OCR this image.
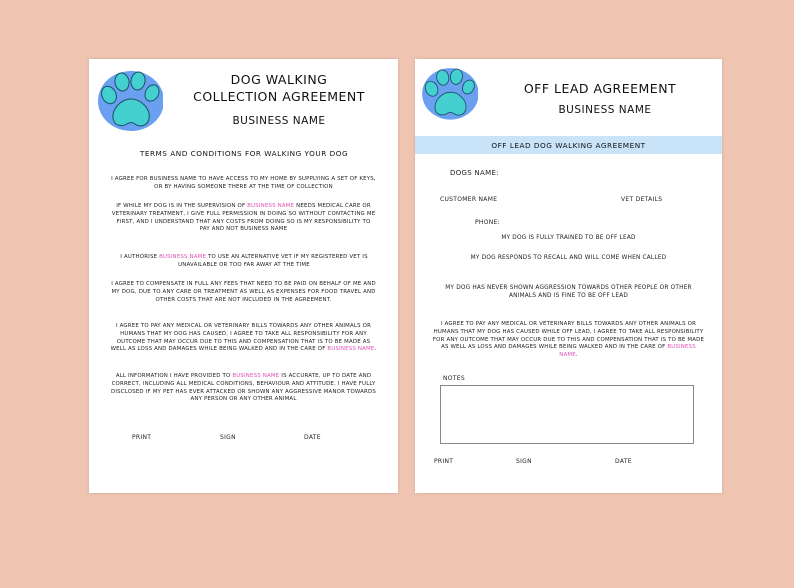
DOG WALKING
COLLECTION AGREEMENT
BUSINESS NAME
TERMS AND CONDITIONS FOR WALKING YOUR DOG
I AGREE FOR BUSINESS NAME TO HAVE ACCESS TO MY HOME BY SUPPLYING A SET OF KEYS, OR BY HAVING SOMEONE THERE AT THE TIME OF COLLECTION
IF WHILE MY DOG IS IN THE SUPERVISION OF BUSINESS NAME NEEDS MEDICAL CARE OR VETERINARY TREATMENT, I GIVE FULL PERMISSION IN DOING SO WITHOUT CONTACTING ME FIRST, AND I UNDERSTAND THAT ANY COSTS FROM DOING SO IS MY RESPONSIBILITY TO PAY AND NOT BUSINESS NAME
I AUTHORISE BUSINESS NAME TO USE AN ALTERNATIVE VET IF MY REGISTERED VET IS UNAVAILABLE OR TOO FAR AWAY AT THE TIME
I AGREE TO COMPENSATE IN FULL ANY FEES THAT NEED TO BE PAID ON BEHALF OF ME AND MY DOG, DUE TO ANY CARE OR TREATMENT AS WELL AS EXPENSES FOR FOOD TRAVEL AND OTHER COSTS THAT ARE NOT INCLUDED IN THE AGREEMENT.
I AGREE TO PAY ANY MEDICAL OR VETERINARY BILLS TOWARDS ANY OTHER ANIMALS OR HUMANS THAT MY DOG HAS CAUSED, I AGREE TO TAKE ALL RESPONSIBILITY FOR ANY OUTCOME THAT MAY OCCUR DUE TO THIS AND COMPENSATION THAT IS TO BE MADE AS WELL AS LOSS AND DAMAGES WHILE BEING WALKED AND IN THE CARE OF BUSINESS NAME.
ALL INFORMATION I HAVE PROVIDED TO BUSINESS NAME IS ACCURATE, UP TO DATE AND CORRECT, INCLUDING ALL MEDICAL CONDITIONS, BEHAVIOUR AND ATTITUDE. I HAVE FULLY DISCLOSED IF MY PET HAS EVER ATTACKED OR SHOWN ANY AGGRESSIVE MANOR TOWARDS ANY PERSON OR ANY OTHER ANIMAL
PRINT	SIGN	DATE
OFF LEAD AGREEMENT
BUSINESS NAME
OFF LEAD DOG WALKING AGREEMENT
DOGS NAME:
CUSTOMER NAME	VET DETAILS
PHONE:
MY DOG IS FULLY TRAINED TO BE OFF LEAD
MY DOG RESPONDS TO RECALL AND WILL COME WHEN CALLED
MY DOG HAS NEVER SHOWN AGGRESSION TOWARDS OTHER PEOPLE OR OTHER ANIMALS AND IS FINE TO BE OFF LEAD
I AGREE TO PAY ANY MEDICAL OR VETERINARY BILLS TOWARDS ANY OTHER ANIMALS OR HUMANS THAT MY DOG HAS CAUSED WHILE OFF LEAD, I AGREE TO TAKE ALL RESPONSIBILITY FOR ANY OUTCOME THAT MAY OCCUR DUE TO THIS AND COMPENSATION THAT IS TO BE MADE AS WELL AS LOSS AND DAMAGES WHILE BEING WALKED AND IN THE CARE OF BUSINESS NAME.
NOTES
PRINT	SIGN	DATE
